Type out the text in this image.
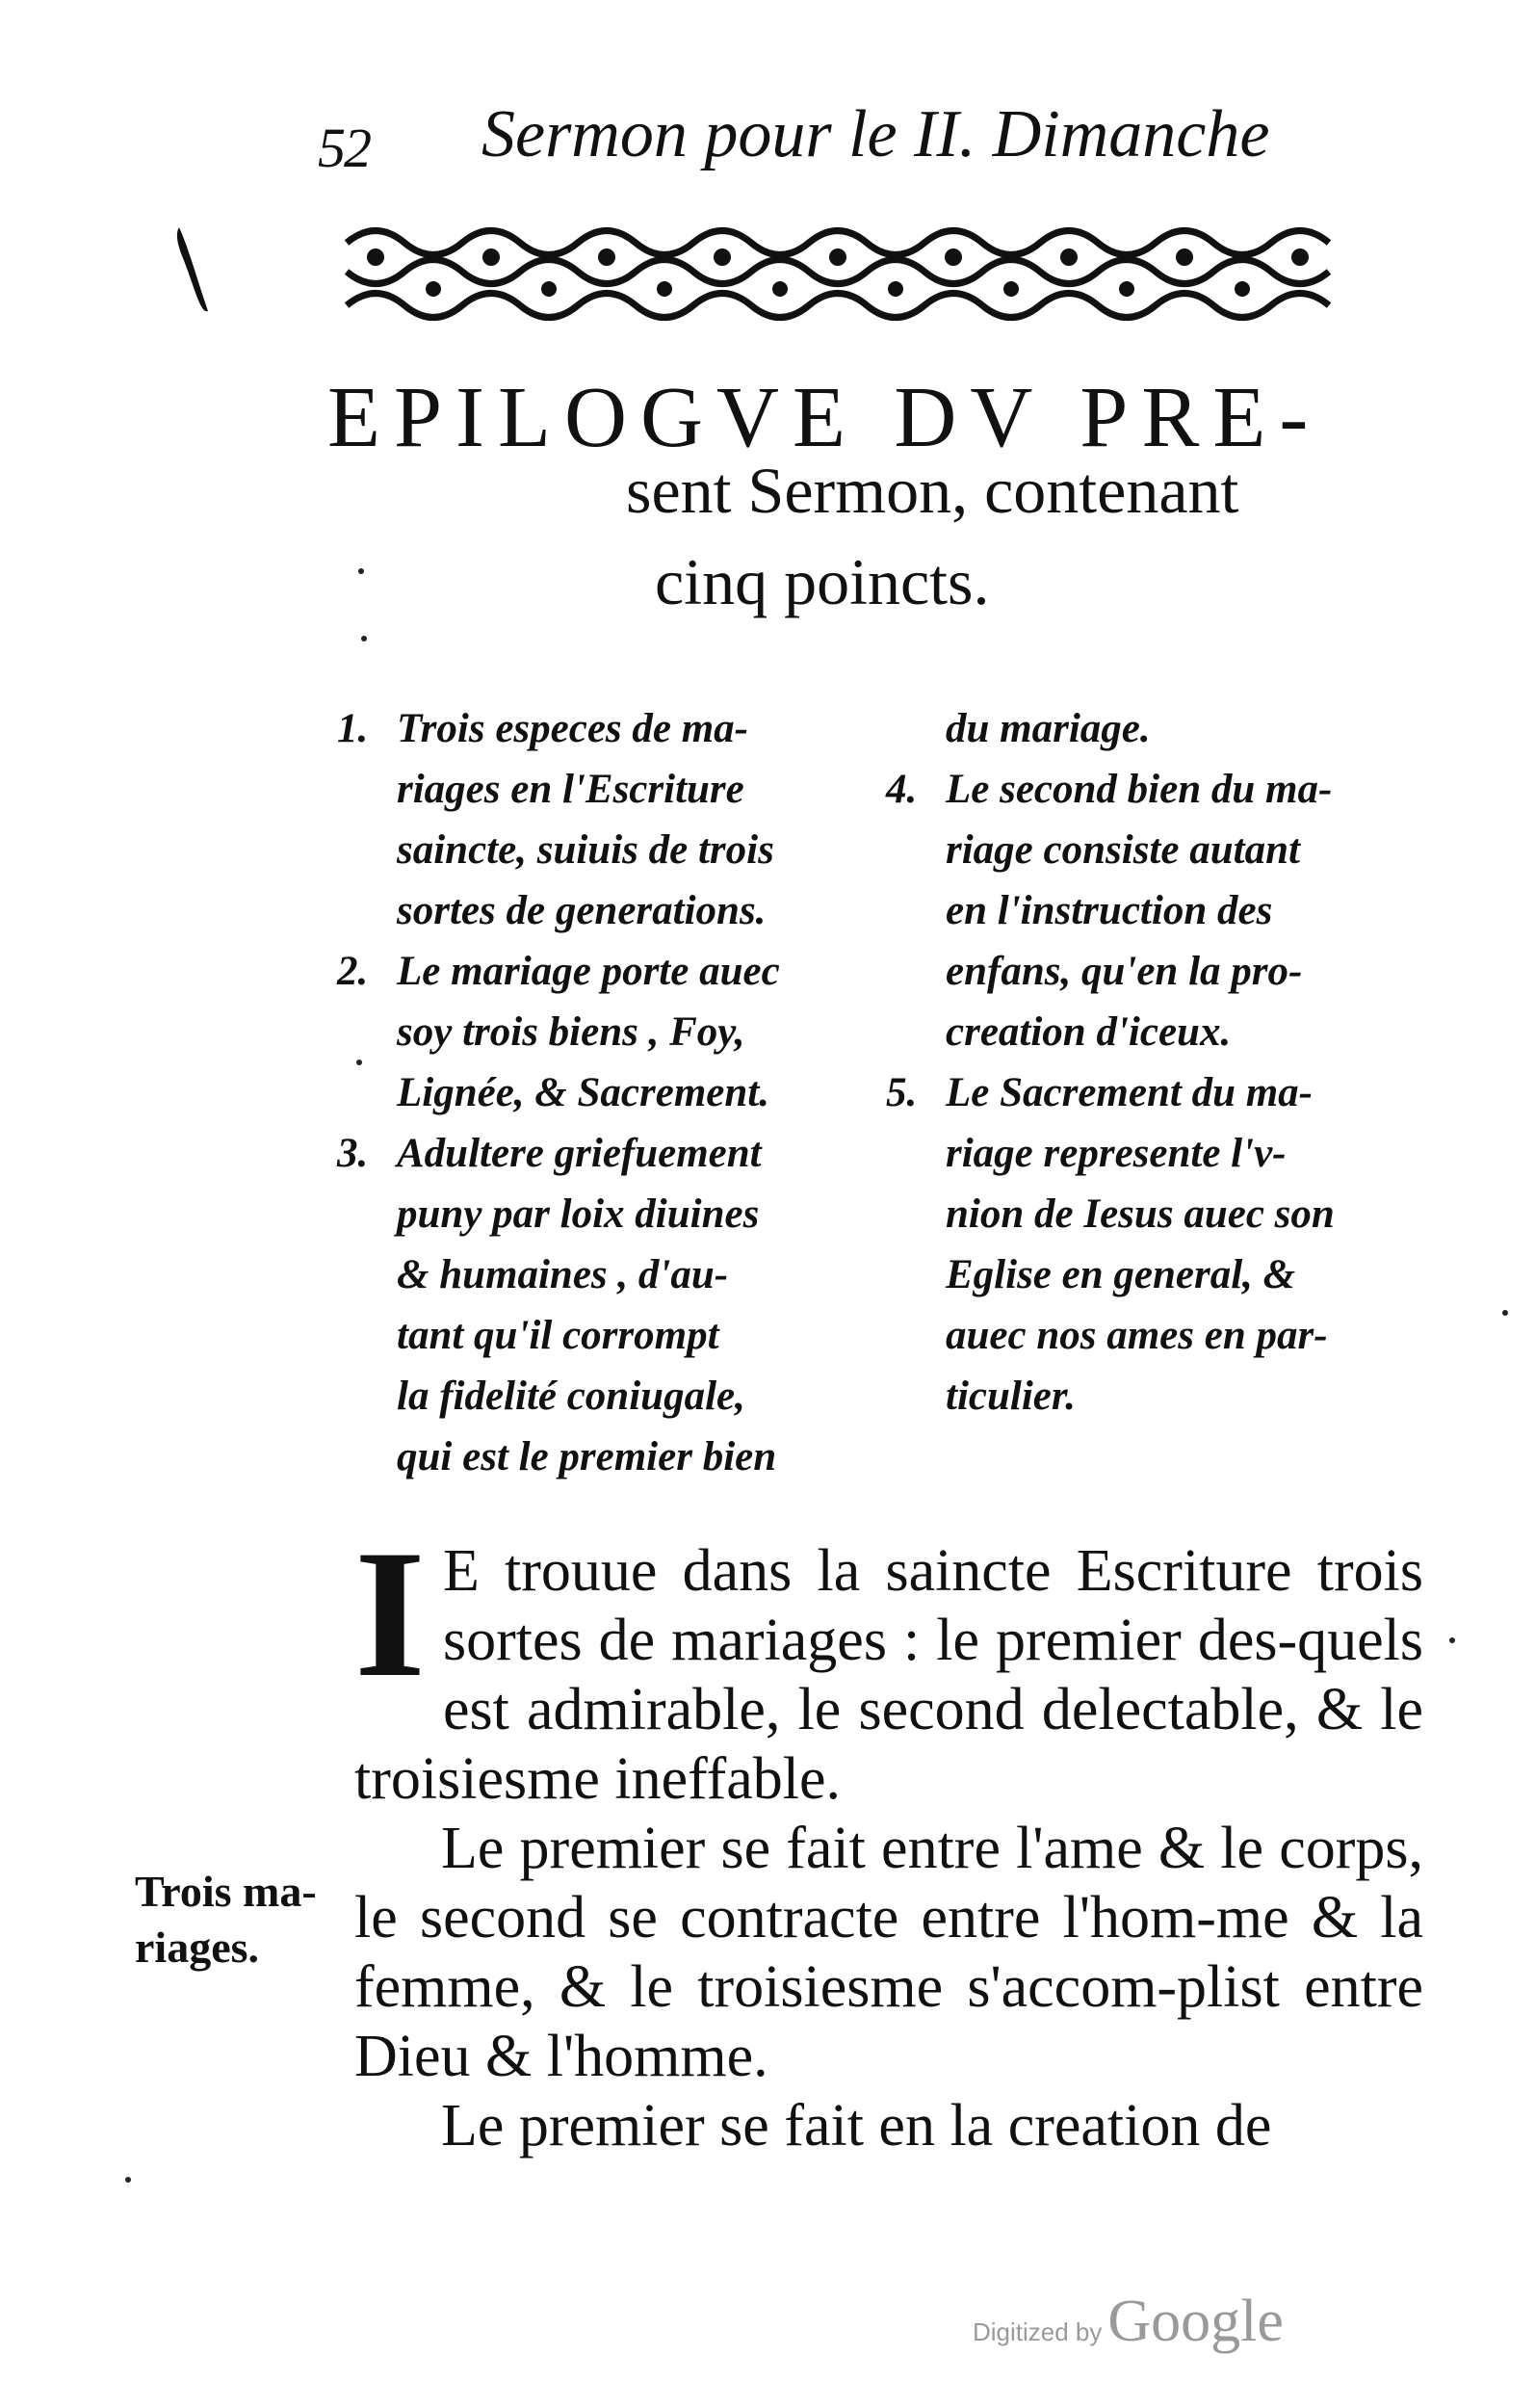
52 Sermon pour le II. Dimanche
EPILOGVE DV PRE-
sent Sermon, contenant
cinq poincts.
1. Trois especes de ma-
riages en l'Escriture
saincte, suiuis de trois
sortes de generations.
2. Le mariage porte auec
soy trois biens , Foy,
Lignée, & Sacrement.
3. Adultere griefuement
puny par loix diuines
& humaines , d'au-
tant qu'il corrompt
la fidelité coniugale,
qui est le premier bien
du mariage.
4. Le second bien du ma-
riage consiste autant
en l'instruction des
enfans, qu'en la pro-
creation d'iceux.
5. Le Sacrement du ma-
riage represente l'v-
nion de Iesus auec son
Eglise en general, &
auec nos ames en par-
ticulier.

I E trouue dans la saincte Escriture trois sortes de mariages : le premier des-quels est admirable, le second delectable, & le troisiesme ineffable.

Le premier se fait entre l'ame & le corps, le second se contracte entre l'hom-me & la femme, & le troisiesme s'accom-plist entre Dieu & l'homme.

Le premier se fait en la creation de

Trois ma-
riages.
Digitized byGoogle
